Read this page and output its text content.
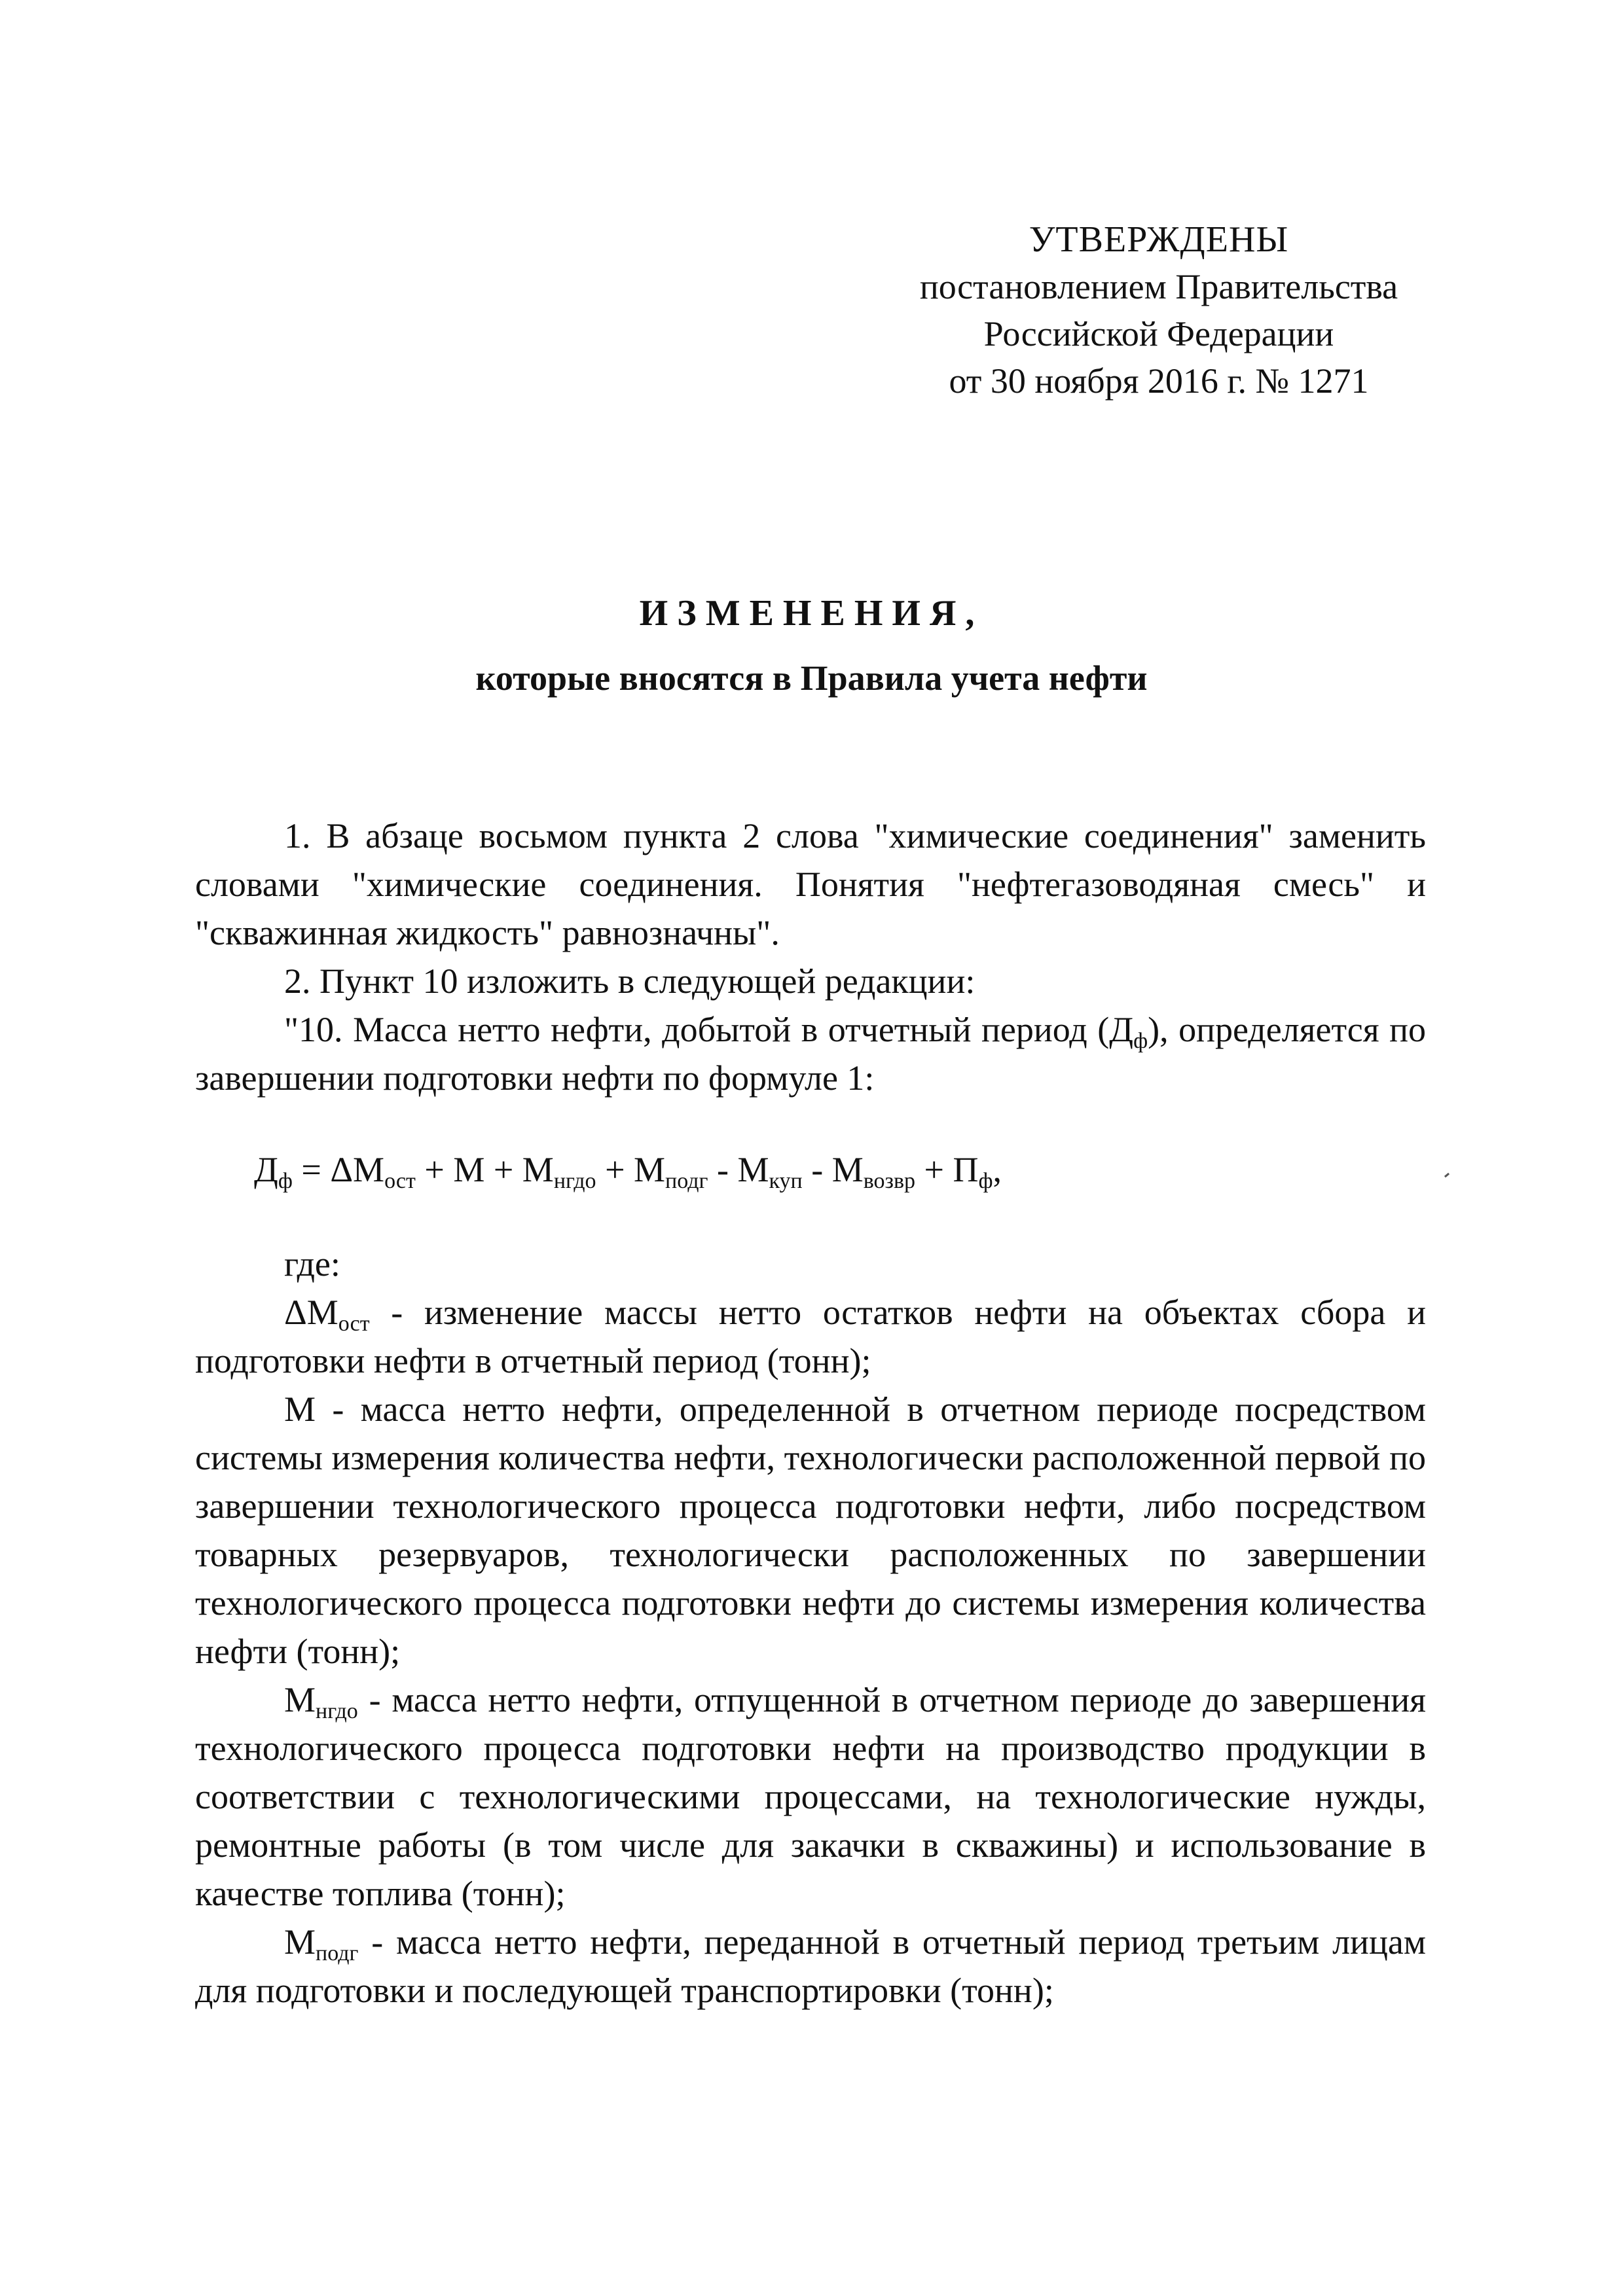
УТВЕРЖДЕНЫ
постановлением Правительства
Российской Федерации
от 30 ноября 2016 г. № 1271
ИЗМЕНЕНИЯ,
которые вносятся в Правила учета нефти

1. В абзаце восьмом пункта 2 слова "химические соединения" заменить словами "химические соединения. Понятия "нефтегазоводяная смесь" и "скважинная жидкость" равнозначны".

2. Пункт 10 изложить в следующей редакции:

"10. Масса нетто нефти, добытой в отчетный период $(Д_ф)$, определяется по завершении подготовки нефти по формуле 1:

$Д_ф = \Delta M_{ост} + M + M_{нгдо} + M_{подг} - M_{куп} - M_{возвр} + П_ф$,

где:

$\Delta M_{ост}$ - изменение массы нетто остатков нефти на объектах сбора и подготовки нефти в отчетный период (тонн);

M - масса нетто нефти, определенной в отчетном периоде посредством системы измерения количества нефти, технологически расположенной первой по завершении технологического процесса подготовки нефти, либо посредством товарных резервуаров, технологически расположенных по завершении технологического процесса подготовки нефти до системы измерения количества нефти (тонн);

$M_{нгдо}$ - масса нетто нефти, отпущенной в отчетном периоде до завершения технологического процесса подготовки нефти на производство продукции в соответствии с технологическими процессами, на технологические нужды, ремонтные работы (в том числе для закачки в скважины) и использование в качестве топлива (тонн);

$M_{подг}$ - масса нетто нефти, переданной в отчетный период третьим лицам для подготовки и последующей транспортировки (тонн);
